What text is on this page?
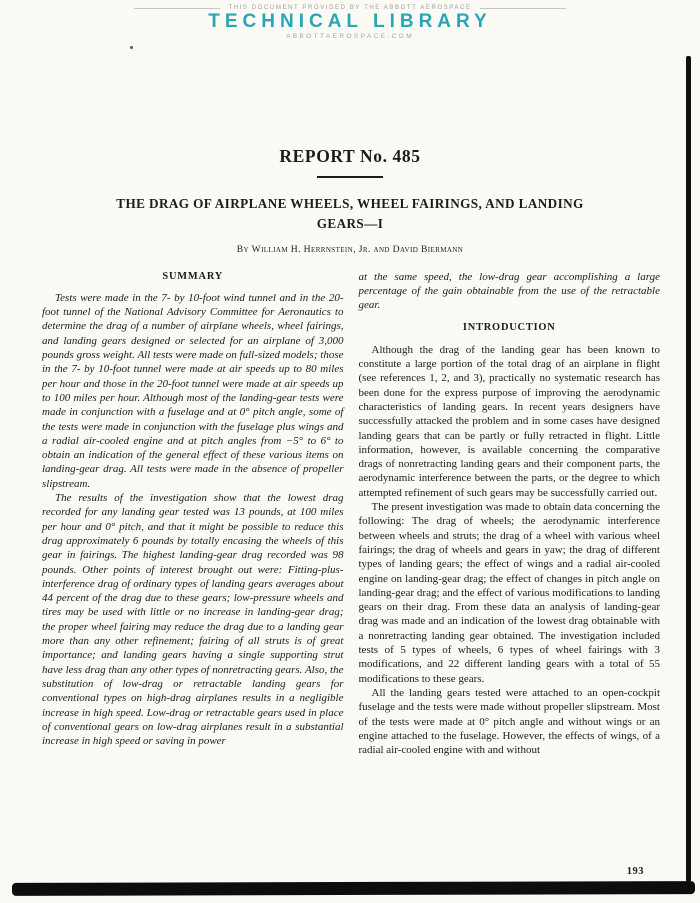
THIS DOCUMENT PROVIDED BY THE ABBOTT AEROSPACE
TECHNICAL LIBRARY
ABBOTTAEROSPACE.COM
REPORT No. 485
THE DRAG OF AIRPLANE WHEELS, WHEEL FAIRINGS, AND LANDING GEARS—I
By William H. Herrnstein, Jr. and David Biermann
SUMMARY

Tests were made in the 7- by 10-foot wind tunnel and in the 20-foot tunnel of the National Advisory Committee for Aeronautics to determine the drag of a number of airplane wheels, wheel fairings, and landing gears designed or selected for an airplane of 3,000 pounds gross weight. All tests were made on full-sized models; those in the 7- by 10-foot tunnel were made at air speeds up to 80 miles per hour and those in the 20-foot tunnel were made at air speeds up to 100 miles per hour. Although most of the landing-gear tests were made in conjunction with a fuselage and at 0° pitch angle, some of the tests were made in conjunction with the fuselage plus wings and a radial air-cooled engine and at pitch angles from −5° to 6° to obtain an indication of the general effect of these various items on landing-gear drag. All tests were made in the absence of propeller slipstream.

The results of the investigation show that the lowest drag recorded for any landing gear tested was 13 pounds, at 100 miles per hour and 0° pitch, and that it might be possible to reduce this drag approximately 6 pounds by totally encasing the wheels of this gear in fairings. The highest landing-gear drag recorded was 98 pounds. Other points of interest brought out were: Fitting-plus-interference drag of ordinary types of landing gears averages about 44 percent of the drag due to these gears; low-pressure wheels and tires may be used with little or no increase in landing-gear drag; the proper wheel fairing may reduce the drag due to a landing gear more than any other refinement; fairing of all struts is of great importance; and landing gears having a single supporting strut have less drag than any other types of nonretracting gears. Also, the substitution of low-drag or retractable landing gears for conventional types on high-drag airplanes results in a negligible increase in high speed. Low-drag or retractable gears used in place of conventional gears on low-drag airplanes result in a substantial increase in high speed or saving in power

at the same speed, the low-drag gear accomplishing a large percentage of the gain obtainable from the use of the retractable gear.

INTRODUCTION

Although the drag of the landing gear has been known to constitute a large portion of the total drag of an airplane in flight (see references 1, 2, and 3), practically no systematic research has been done for the express purpose of improving the aerodynamic characteristics of landing gears. In recent years designers have successfully attacked the problem and in some cases have designed landing gears that can be partly or fully retracted in flight. Little information, however, is available concerning the comparative drags of nonretracting landing gears and their component parts, the aerodynamic interference between the parts, or the degree to which attempted refinement of such gears may be successfully carried out.

The present investigation was made to obtain data concerning the following: The drag of wheels; the aerodynamic interference between wheels and struts; the drag of a wheel with various wheel fairings; the drag of wheels and gears in yaw; the drag of different types of landing gears; the effect of wings and a radial air-cooled engine on landing-gear drag; the effect of changes in pitch angle on landing-gear drag; and the effect of various modifications to landing gears on their drag. From these data an analysis of landing-gear drag was made and an indication of the lowest drag obtainable with a nonretracting landing gear obtained. The investigation included tests of 5 types of wheels, 6 types of wheel fairings with 3 modifications, and 22 different landing gears with a total of 55 modifications to these gears.

All the landing gears tested were attached to an open-cockpit fuselage and the tests were made without propeller slipstream. Most of the tests were made at 0° pitch angle and without wings or an engine attached to the fuselage. However, the effects of wings, of a radial air-cooled engine with and without

193
